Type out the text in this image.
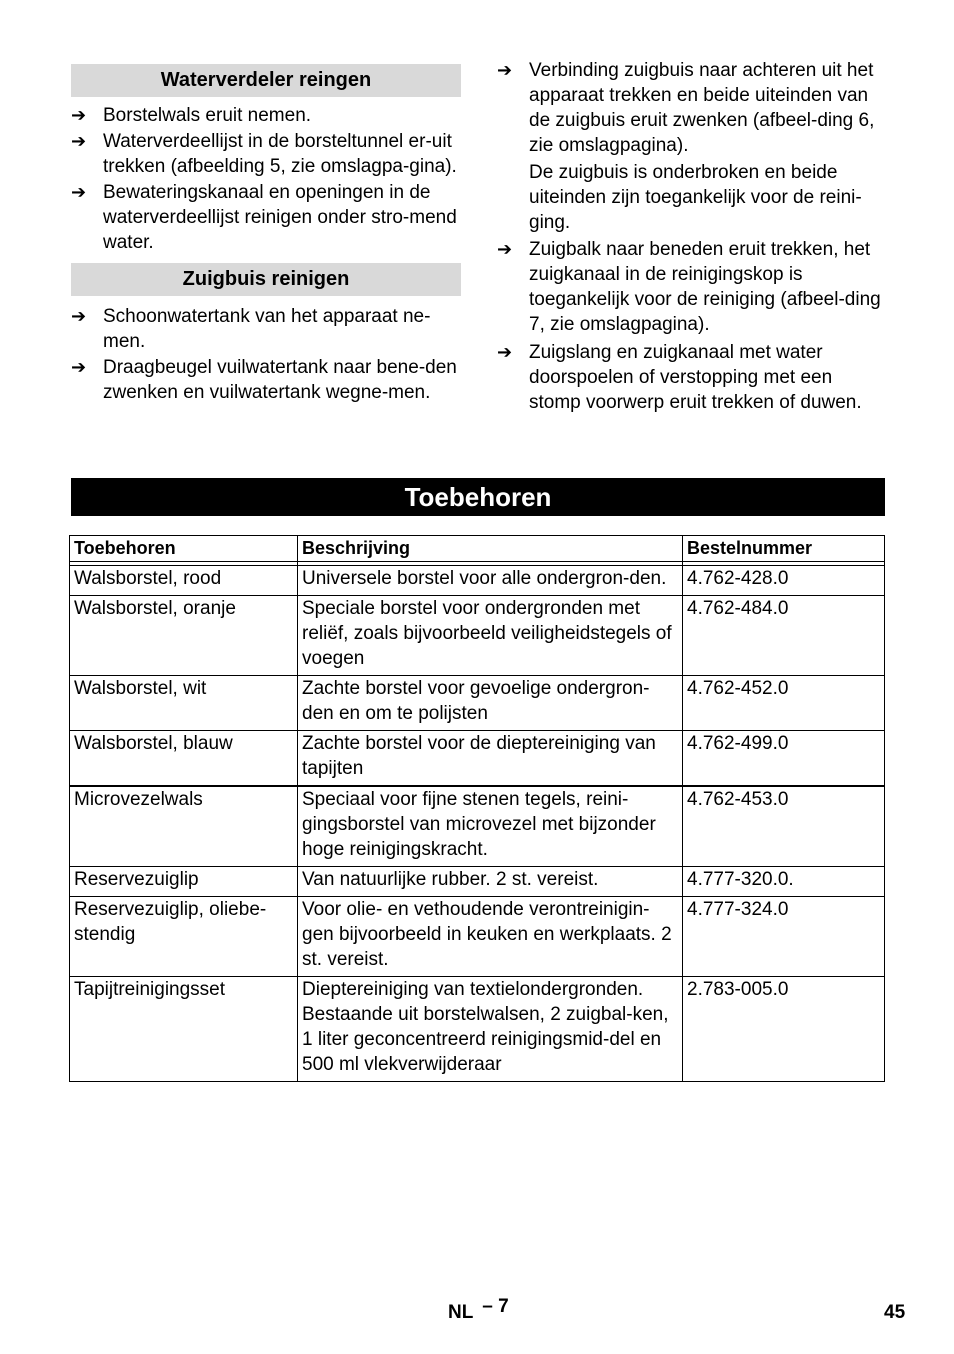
Waterverdeler reingen
➔ Borstelwals eruit nemen.
➔ Waterverdeellijst in de borsteltunnel er-uit trekken (afbeelding 5, zie omslagpa-gina).
➔ Bewateringskanaal en openingen in de waterverdeellijst reinigen onder stro-mend water.
Zuigbuis reinigen
➔ Schoonwatertank van het apparaat ne-men.
➔ Draagbeugel vuilwatertank naar bene-den zwenken en vuilwatertank wegne-men.
➔ Verbinding zuigbuis naar achteren uit het apparaat trekken en beide uiteinden van de zuigbuis eruit zwenken (afbeel-ding 6, zie omslagpagina).
De zuigbuis is onderbroken en beide uiteinden zijn toegankelijk voor de reini-ging.
➔ Zuigbalk naar beneden eruit trekken, het zuigkanaal in de reinigingskop is toegankelijk voor de reiniging (afbeel-ding 7, zie omslagpagina).
➔ Zuigslang en zuigkanaal met water doorspoelen of verstopping met een stomp voorwerp eruit trekken of duwen.
Toebehoren
Toebehoren	Beschrijving	Bestelnummer

Walsborstel, rood	Universele borstel voor alle ondergron-den.	4.762-428.0
Walsborstel, oranje	Speciale borstel voor ondergronden met reliëf, zoals bijvoorbeeld veiligheidstegels of voegen	4.762-484.0
Walsborstel, wit	Zachte borstel voor gevoelige ondergron-den en om te polijsten	4.762-452.0
Walsborstel, blauw	Zachte borstel voor de dieptereiniging van tapijten	4.762-499.0
Microvezelwals	Speciaal voor fijne stenen tegels, reini-gingsborstel van microvezel met bijzonder hoge reinigingskracht.	4.762-453.0
Reservezuiglip	Van natuurlijke rubber. 2 st. vereist.	4.777-320.0.
Reservezuiglip, oliebe-stendig	Voor olie- en vethoudende verontreinigin-gen bijvoorbeeld in keuken en werkplaats. 2 st. vereist.	4.777-324.0
Tapijtreinigingsset	Dieptereiniging van textielondergronden. Bestaande uit borstelwalsen, 2 zuigbal-ken, 1 liter geconcentreerd reinigingsmid-del en 500 ml vlekverwijderaar	2.783-005.0
NL – 7	45
